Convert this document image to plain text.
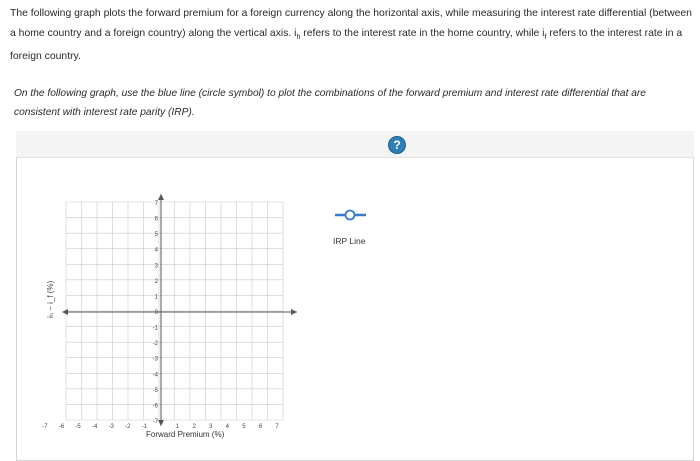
The following graph plots the forward premium for a foreign currency along the horizontal axis, while measuring the interest rate differential (between
a home country and a foreign country) along the vertical axis. $i_h$ refers to the interest rate in the home country, while $i_f$ refers to the interest rate in a
foreign country.
On the following graph, use the blue line (circle symbol) to plot the combinations of the forward premium and interest rate differential that are
consistent with interest rate parity (IRP).
?
-7 -6 -5 -4 -3 -2 -1	1 2 3 4 5 6 7
7
6
5
4
3
2
1
0
-1
-2
-3
-4
-5
-6
-7
iₕ − i_f (%)
Forward Premium (%)
IRP Line
